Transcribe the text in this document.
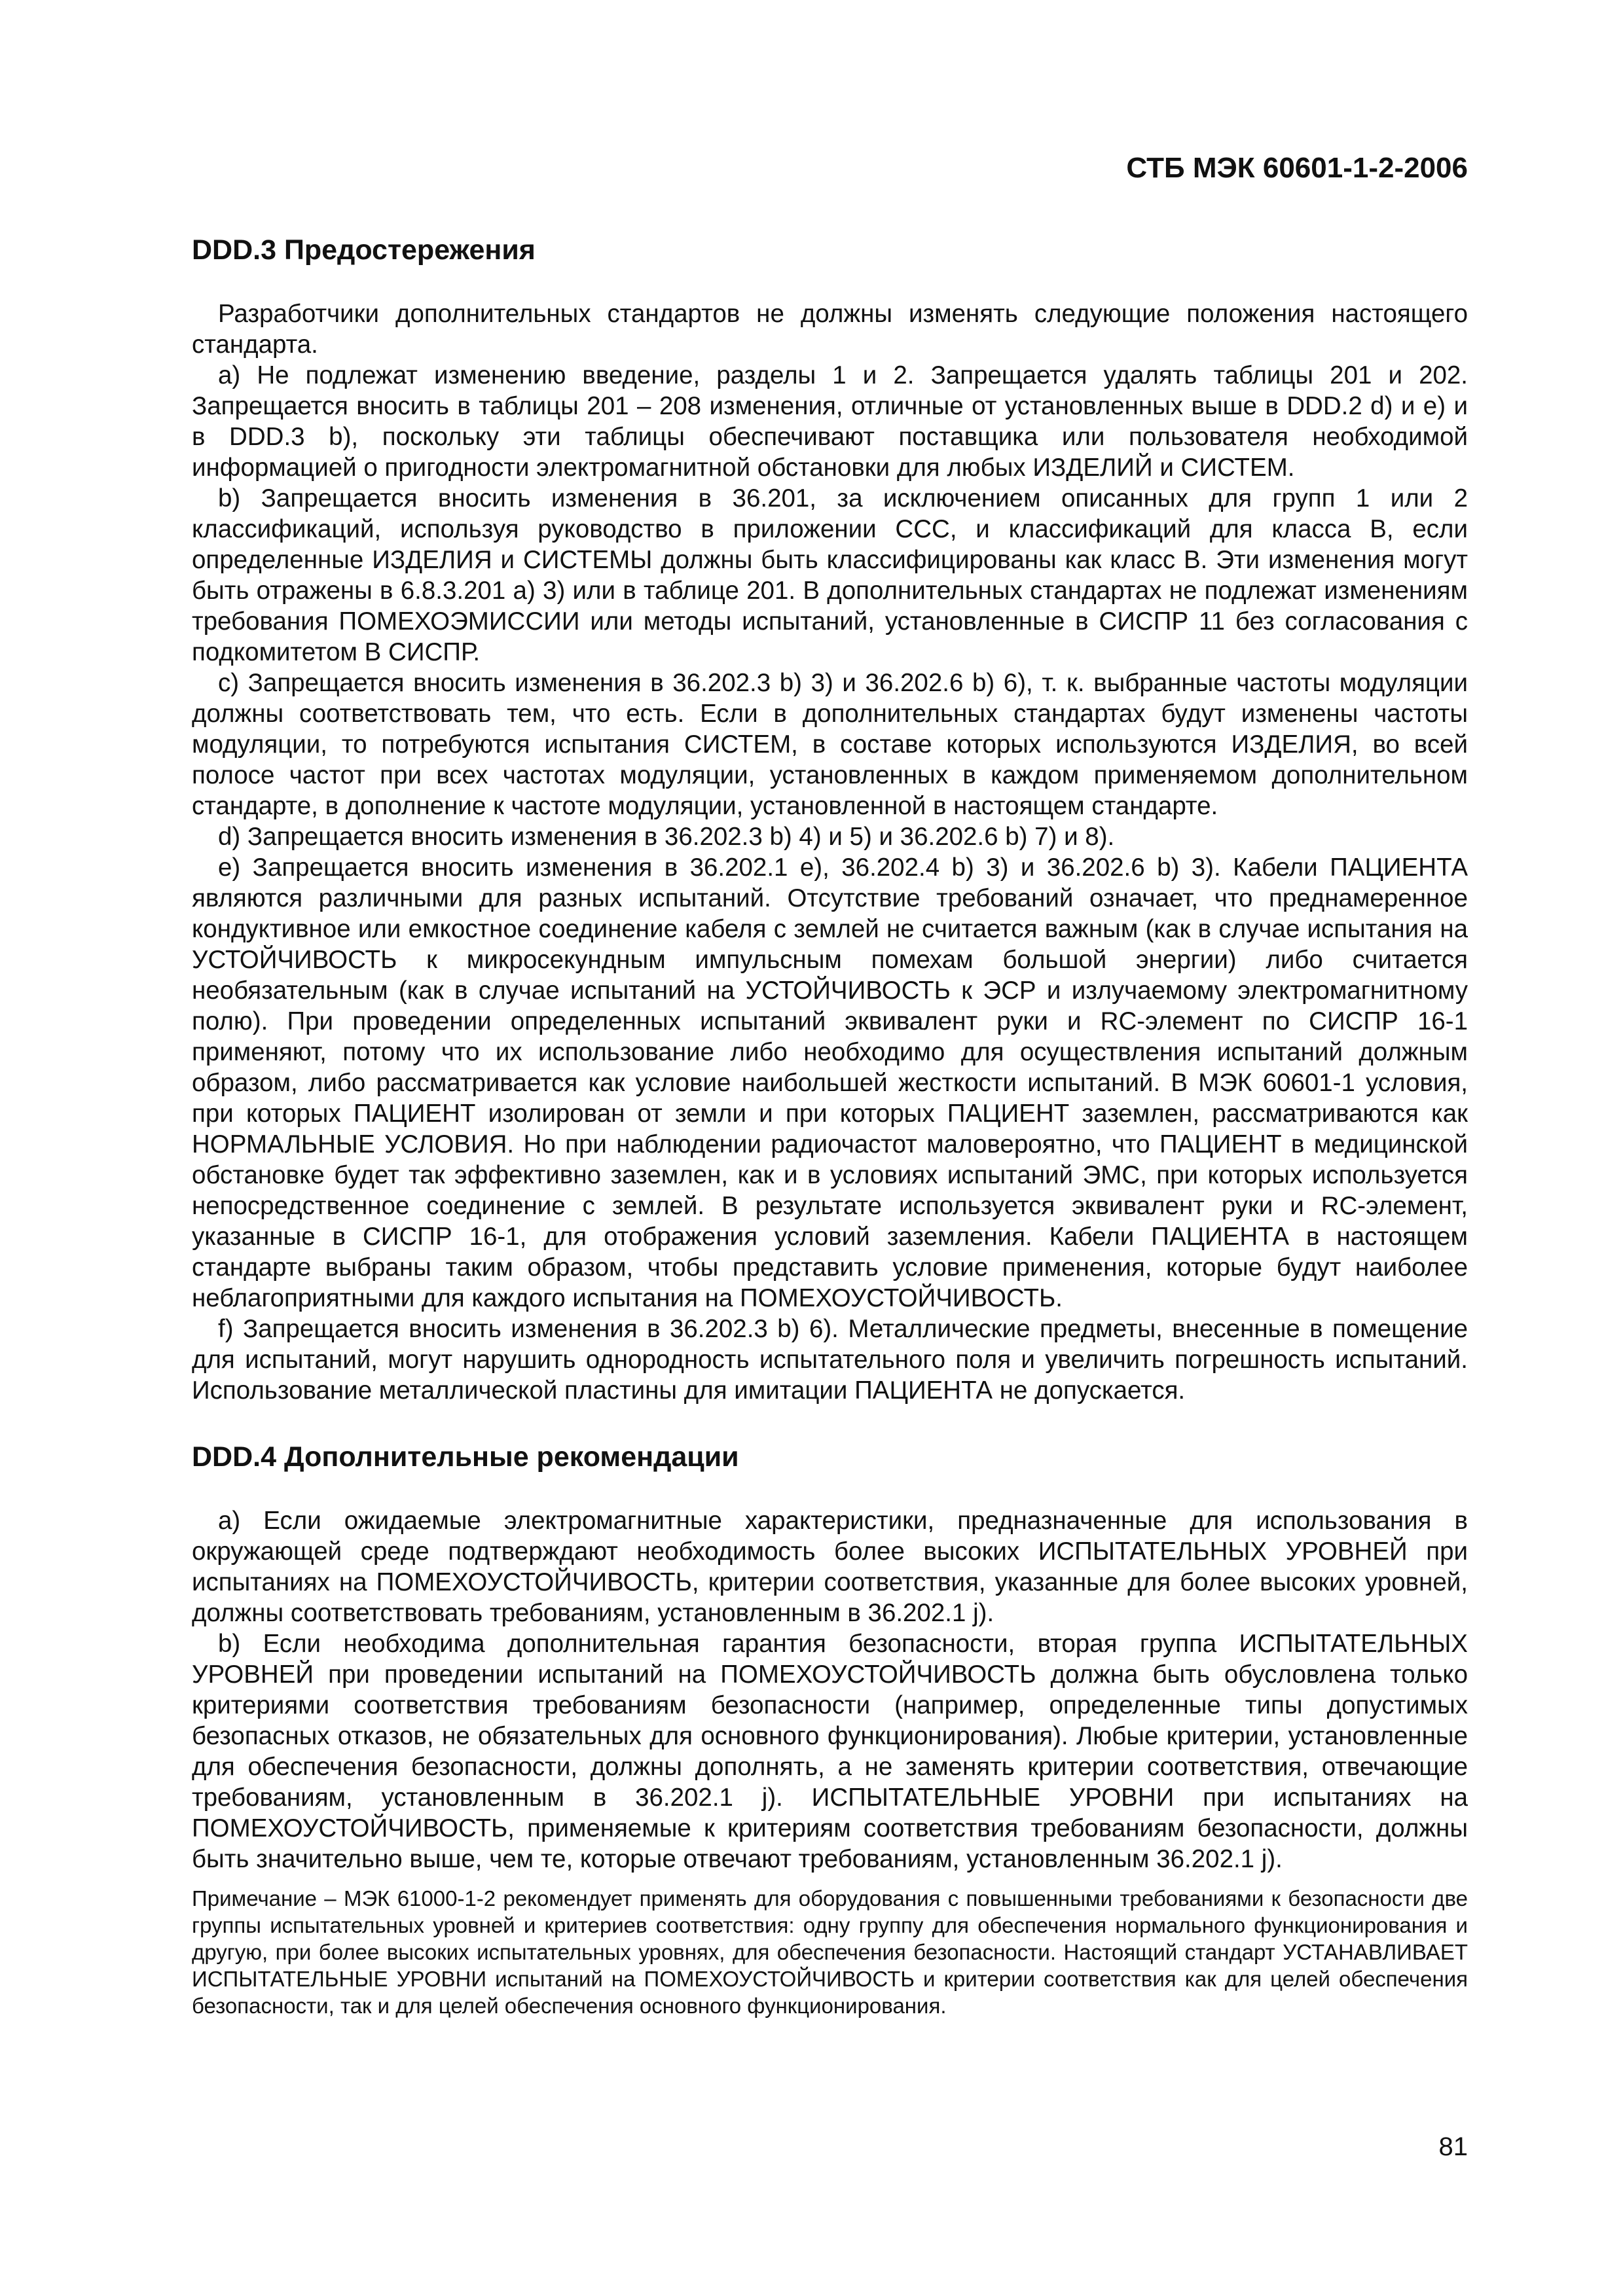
СТБ МЭК 60601-1-2-2006
DDD.3 Предостережения

Разработчики дополнительных стандартов не должны изменять следующие положения настоящего стандарта.

a) Не подлежат изменению введение, разделы 1 и 2. Запрещается удалять таблицы 201 и 202. Запрещается вносить в таблицы 201 – 208 изменения, отличные от установленных выше в DDD.2 d) и e) и в DDD.3 b), поскольку эти таблицы обеспечивают поставщика или пользователя необходимой информацией о пригодности электромагнитной обстановки для любых ИЗДЕЛИЙ и СИСТЕМ.

b) Запрещается вносить изменения в 36.201, за исключением описанных для групп 1 или 2 классификаций, используя руководство в приложении CCC, и классификаций для класса В, если определенные ИЗДЕЛИЯ и СИСТЕМЫ должны быть классифицированы как класс В. Эти изменения могут быть отражены в 6.8.3.201 a) 3) или в таблице 201. В дополнительных стандартах не подлежат изменениям требования ПОМЕХОЭМИССИИ или методы испытаний, установленные в СИСПР 11 без согласования с подкомитетом В СИСПР.

c) Запрещается вносить изменения в 36.202.3 b) 3) и 36.202.6 b) 6), т. к. выбранные частоты модуляции должны соответствовать тем, что есть. Если в дополнительных стандартах будут изменены частоты модуляции, то потребуются испытания СИСТЕМ, в составе которых используются ИЗДЕЛИЯ, во всей полосе частот при всех частотах модуляции, установленных в каждом применяемом дополнительном стандарте, в дополнение к частоте модуляции, установленной в настоящем стандарте.

d) Запрещается вносить изменения в 36.202.3 b) 4) и 5) и 36.202.6 b) 7) и 8).

e) Запрещается вносить изменения в 36.202.1 e), 36.202.4 b) 3) и 36.202.6 b) 3). Кабели ПАЦИЕНТА являются различными для разных испытаний. Отсутствие требований означает, что преднамеренное кондуктивное или емкостное соединение кабеля с землей не считается важным (как в случае испытания на УСТОЙЧИВОСТЬ к микросекундным импульсным помехам большой энергии) либо считается необязательным (как в случае испытаний на УСТОЙЧИВОСТЬ к ЭСР и излучаемому электромагнитному полю). При проведении определенных испытаний эквивалент руки и RC-элемент по СИСПР 16-1 применяют, потому что их использование либо необходимо для осуществления испытаний должным образом, либо рассматривается как условие наибольшей жесткости испытаний. В МЭК 60601-1 условия, при которых ПАЦИЕНТ изолирован от земли и при которых ПАЦИЕНТ заземлен, рассматриваются как НОРМАЛЬНЫЕ УСЛОВИЯ. Но при наблюдении радиочастот маловероятно, что ПАЦИЕНТ в медицинской обстановке будет так эффективно заземлен, как и в условиях испытаний ЭМС, при которых используется непосредственное соединение с землей. В результате используется эквивалент руки и RC-элемент, указанные в СИСПР 16-1, для отображения условий заземления. Кабели ПАЦИЕНТА в настоящем стандарте выбраны таким образом, чтобы представить условие применения, которые будут наиболее неблагоприятными для каждого испытания на ПОМЕХОУСТОЙЧИВОСТЬ.

f) Запрещается вносить изменения в 36.202.3 b) 6). Металлические предметы, внесенные в помещение для испытаний, могут нарушить однородность испытательного поля и увеличить погрешность испытаний. Использование металлической пластины для имитации ПАЦИЕНТА не допускается.

DDD.4 Дополнительные рекомендации

a) Если ожидаемые электромагнитные характеристики, предназначенные для использования в окружающей среде подтверждают необходимость более высоких ИСПЫТАТЕЛЬНЫХ УРОВНЕЙ при испытаниях на ПОМЕХОУСТОЙЧИВОСТЬ, критерии соответствия, указанные для более высоких уровней, должны соответствовать требованиям, установленным в 36.202.1 j).

b) Если необходима дополнительная гарантия безопасности, вторая группа ИСПЫТАТЕЛЬНЫХ УРОВНЕЙ при проведении испытаний на ПОМЕХОУСТОЙЧИВОСТЬ должна быть обусловлена только критериями соответствия требованиям безопасности (например, определенные типы допустимых безопасных отказов, не обязательных для основного функционирования). Любые критерии, установленные для обеспечения безопасности, должны дополнять, а не заменять критерии соответствия, отвечающие требованиям, установленным в 36.202.1 j). ИСПЫТАТЕЛЬНЫЕ УРОВНИ при испытаниях на ПОМЕХОУСТОЙЧИВОСТЬ, применяемые к критериям соответствия требованиям безопасности, должны быть значительно выше, чем те, которые отвечают требованиям, установленным 36.202.1 j).

Примечание – МЭК 61000-1-2 рекомендует применять для оборудования с повышенными требованиями к безопасности две группы испытательных уровней и критериев соответствия: одну группу для обеспечения нормального функционирования и другую, при более высоких испытательных уровнях, для обеспечения безопасности. Настоящий стандарт УСТАНАВЛИВАЕТ ИСПЫТАТЕЛЬНЫЕ УРОВНИ испытаний на ПОМЕХОУСТОЙЧИВОСТЬ и критерии соответствия как для целей обеспечения безопасности, так и для целей обеспечения основного функционирования.

81
